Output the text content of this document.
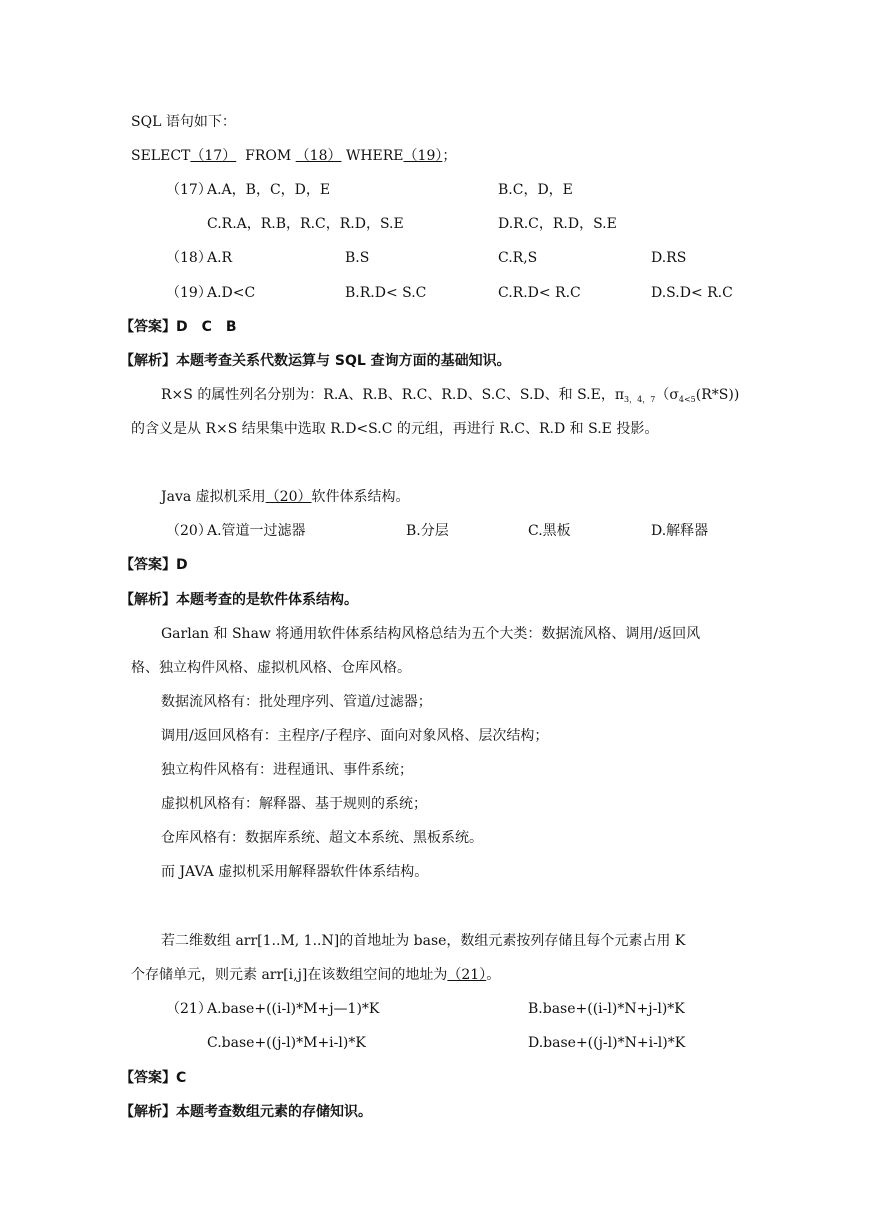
SQL 语句如下：
SELECT（17） FROM （18） WHERE（19）；
（17）
A.A，B，C，D，E	B.C，D，E
C.R.A，R.B，R.C，R.D，S.E	D.R.C，R.D，S.E
（18）
A.R	B.S	C.R,S	D.RS
（19）
A.D<C	B.R.D< S.C	C.R.D< R.C	D.S.D< R.C
【答案】D　C　B
【解析】本题考查关系代数运算与 SQL 查询方面的基础知识。
R×S 的属性列名分别为：R.A、R.B、R.C、R.D、S.C、S.D、和 S.E，$\pi_{3,4,7}(\sigma_{4<5}(R*S))$
的含义是从 R×S 结果集中选取 R.D<S.C 的元组，再进行 R.C、R.D 和 S.E 投影。
Java 虚拟机采用（20）软件体系结构。
（20）
A.管道一过滤器	B.分层	C.黑板	D.解释器
【答案】D
【解析】本题考查的是软件体系结构。
Garlan 和 Shaw 将通用软件体系结构风格总结为五个大类：数据流风格、调用/返回风
格、独立构件风格、虚拟机风格、仓库风格。
数据流风格有：批处理序列、管道/过滤器；
调用/返回风格有：主程序/子程序、面向对象风格、层次结构；
独立构件风格有：进程通讯、事件系统；
虚拟机风格有：解释器、基于规则的系统；
仓库风格有：数据库系统、超文本系统、黑板系统。
而 JAVA 虚拟机采用解释器软件体系结构。
若二维数组 arr[1..M, 1..N]的首地址为 base，数组元素按列存储且每个元素占用 K
个存储单元，则元素 arr[i,j]在该数组空间的地址为（21）。
（21）
A.base+((i-l)*M+j—1)*K	B.base+((i-l)*N+j-l)*K
C.base+((j-l)*M+i-l)*K	D.base+((j-l)*N+i-l)*K
【答案】C
【解析】本题考查数组元素的存储知识。
